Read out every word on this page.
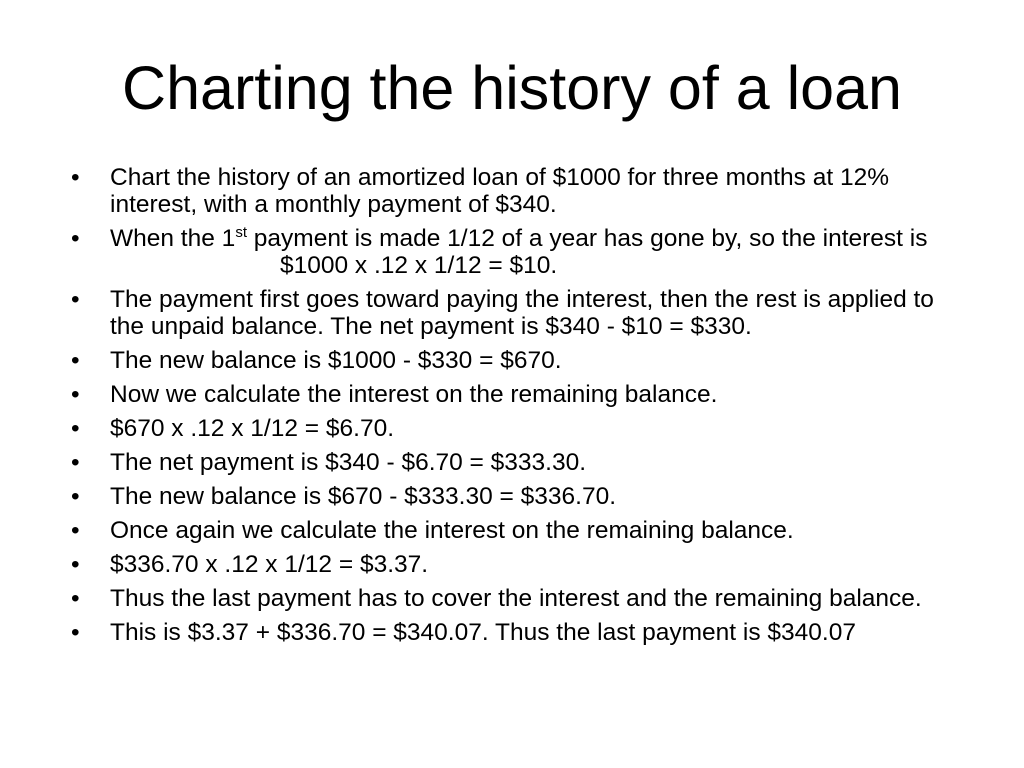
Charting the history of a loan
•	Chart the history of an amortized loan of $1000 for three months at 12% interest, with a monthly payment of $340.
•	When the 1st payment is made 1/12 of a year has gone by, so the interest is$1000 x .12 x 1/12 = $10.
•	The payment first goes toward paying the interest, then the rest is applied to the unpaid balance. The net payment is $340 - $10 = $330.
•	The new balance is $1000 - $330 = $670.
•	Now we calculate the interest on the remaining balance.
•	$670 x .12 x 1/12 = $6.70.
•	The net payment is $340 - $6.70 = $333.30.
•	The new balance is $670 - $333.30 = $336.70.
•	Once again we calculate the interest on the remaining balance.
•	$336.70 x .12 x 1/12 = $3.37.
•	Thus the last payment has to cover the interest and the remaining balance.
•	This is $3.37 + $336.70 = $340.07. Thus the last payment is $340.07
